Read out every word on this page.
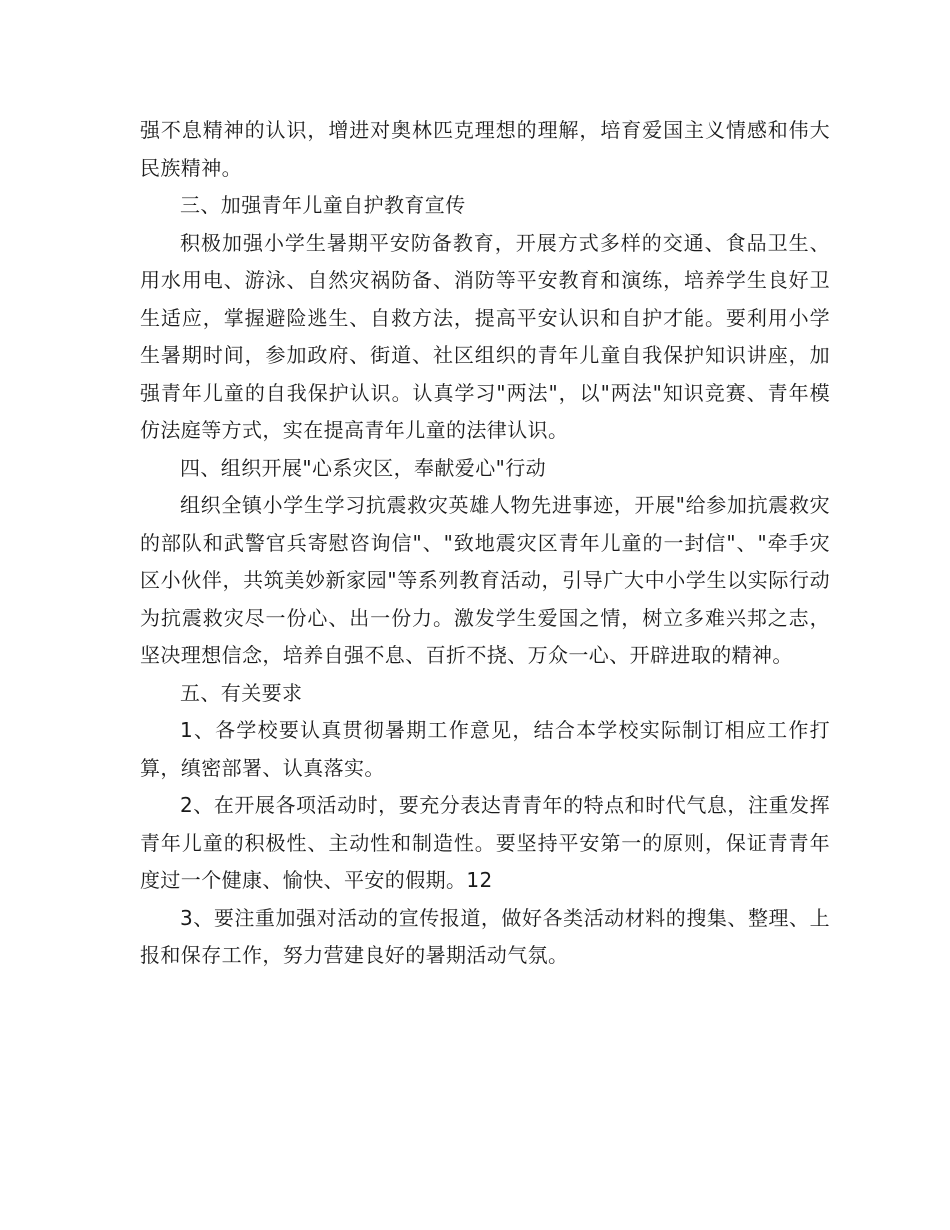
强不息精神的认识，增进对奥林匹克理想的理解，培育爱国主义情感和伟大民族精神。

三、加强青年儿童自护教育宣传

积极加强小学生暑期平安防备教育，开展方式多样的交通、食品卫生、用水用电、游泳、自然灾祸防备、消防等平安教育和演练，培养学生良好卫生适应，掌握避险逃生、自救方法，提高平安认识和自护才能。要利用小学生暑期时间，参加政府、街道、社区组织的青年儿童自我保护知识讲座，加强青年儿童的自我保护认识。认真学习"两法"，以"两法"知识竞赛、青年模仿法庭等方式，实在提高青年儿童的法律认识。

四、组织开展"心系灾区，奉献爱心"行动

组织全镇小学生学习抗震救灾英雄人物先进事迹，开展"给参加抗震救灾的部队和武警官兵寄慰咨询信"、"致地震灾区青年儿童的一封信"、"牵手灾区小伙伴，共筑美妙新家园"等系列教育活动，引导广大中小学生以实际行动为抗震救灾尽一份心、出一份力。激发学生爱国之情，树立多难兴邦之志，坚决理想信念，培养自强不息、百折不挠、万众一心、开辟进取的精神。

五、有关要求

1、各学校要认真贯彻暑期工作意见，结合本学校实际制订相应工作打算，缜密部署、认真落实。

2、在开展各项活动时，要充分表达青青年的特点和时代气息，注重发挥青年儿童的积极性、主动性和制造性。要坚持平安第一的原则，保证青青年度过一个健康、愉快、平安的假期。12

3、要注重加强对活动的宣传报道，做好各类活动材料的搜集、整理、上报和保存工作，努力营建良好的暑期活动气氛。
